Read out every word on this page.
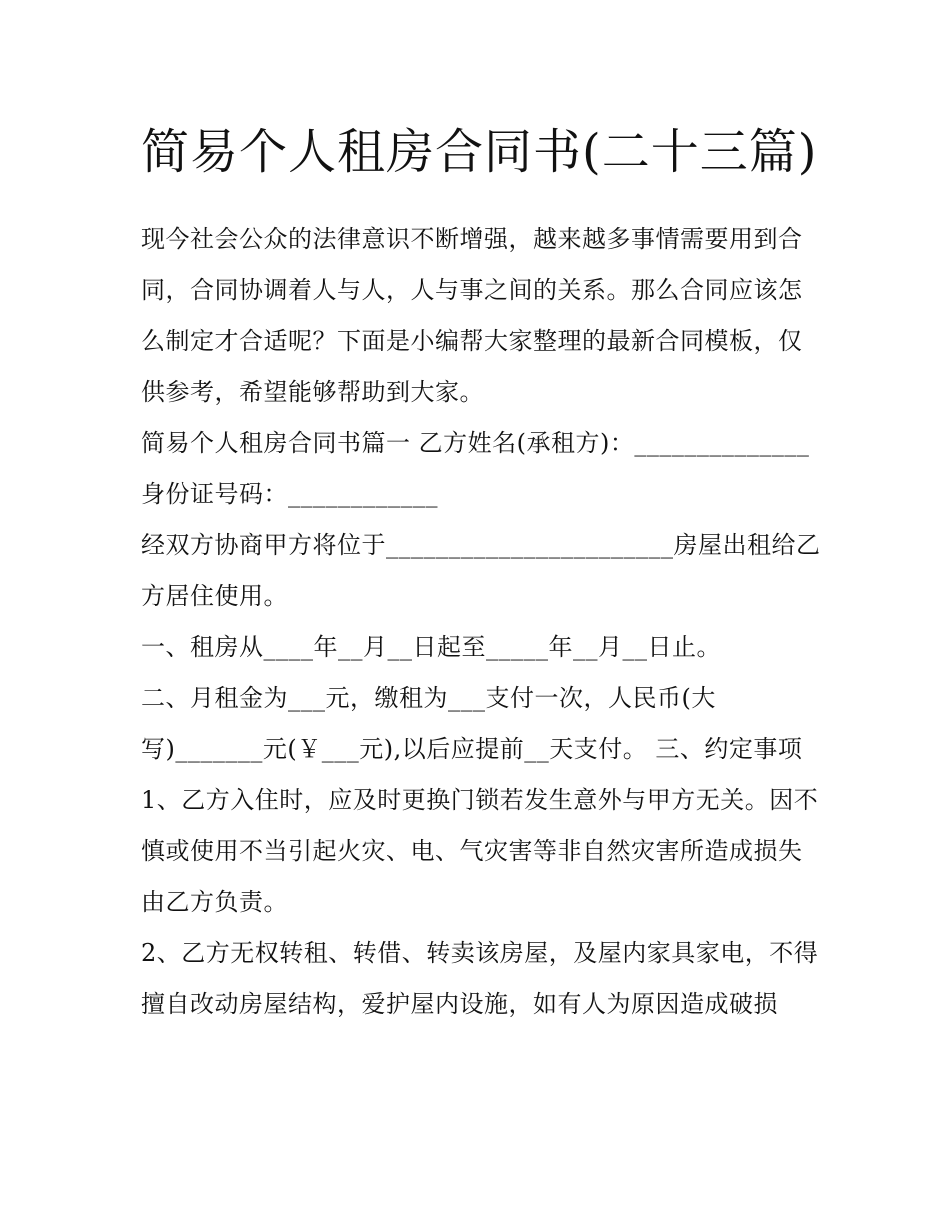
简易个人租房合同书(二十三篇)

现今社会公众的法律意识不断增强，越来越多事情需要用到合同，合同协调着人与人，人与事之间的关系。那么合同应该怎么制定才合适呢？下面是小编帮大家整理的最新合同模板，仅供参考，希望能够帮助到大家。

简易个人租房合同书篇一 乙方姓名(承租方)：______________

身份证号码：____________

经双方协商甲方将位于_______________________房屋出租给乙方居住使用。

一、租房从____年__月__日起至_____年__月__日止。

二、月租金为___元，缴租为___支付一次，人民币(大写)_______元(￥___元),以后应提前__天支付。 三、约定事项

1、乙方入住时，应及时更换门锁若发生意外与甲方无关。因不慎或使用不当引起火灾、电、气灾害等非自然灾害所造成损失由乙方负责。

2、乙方无权转租、转借、转卖该房屋，及屋内家具家电，不得擅自改动房屋结构，爱护屋内设施，如有人为原因造成破损
